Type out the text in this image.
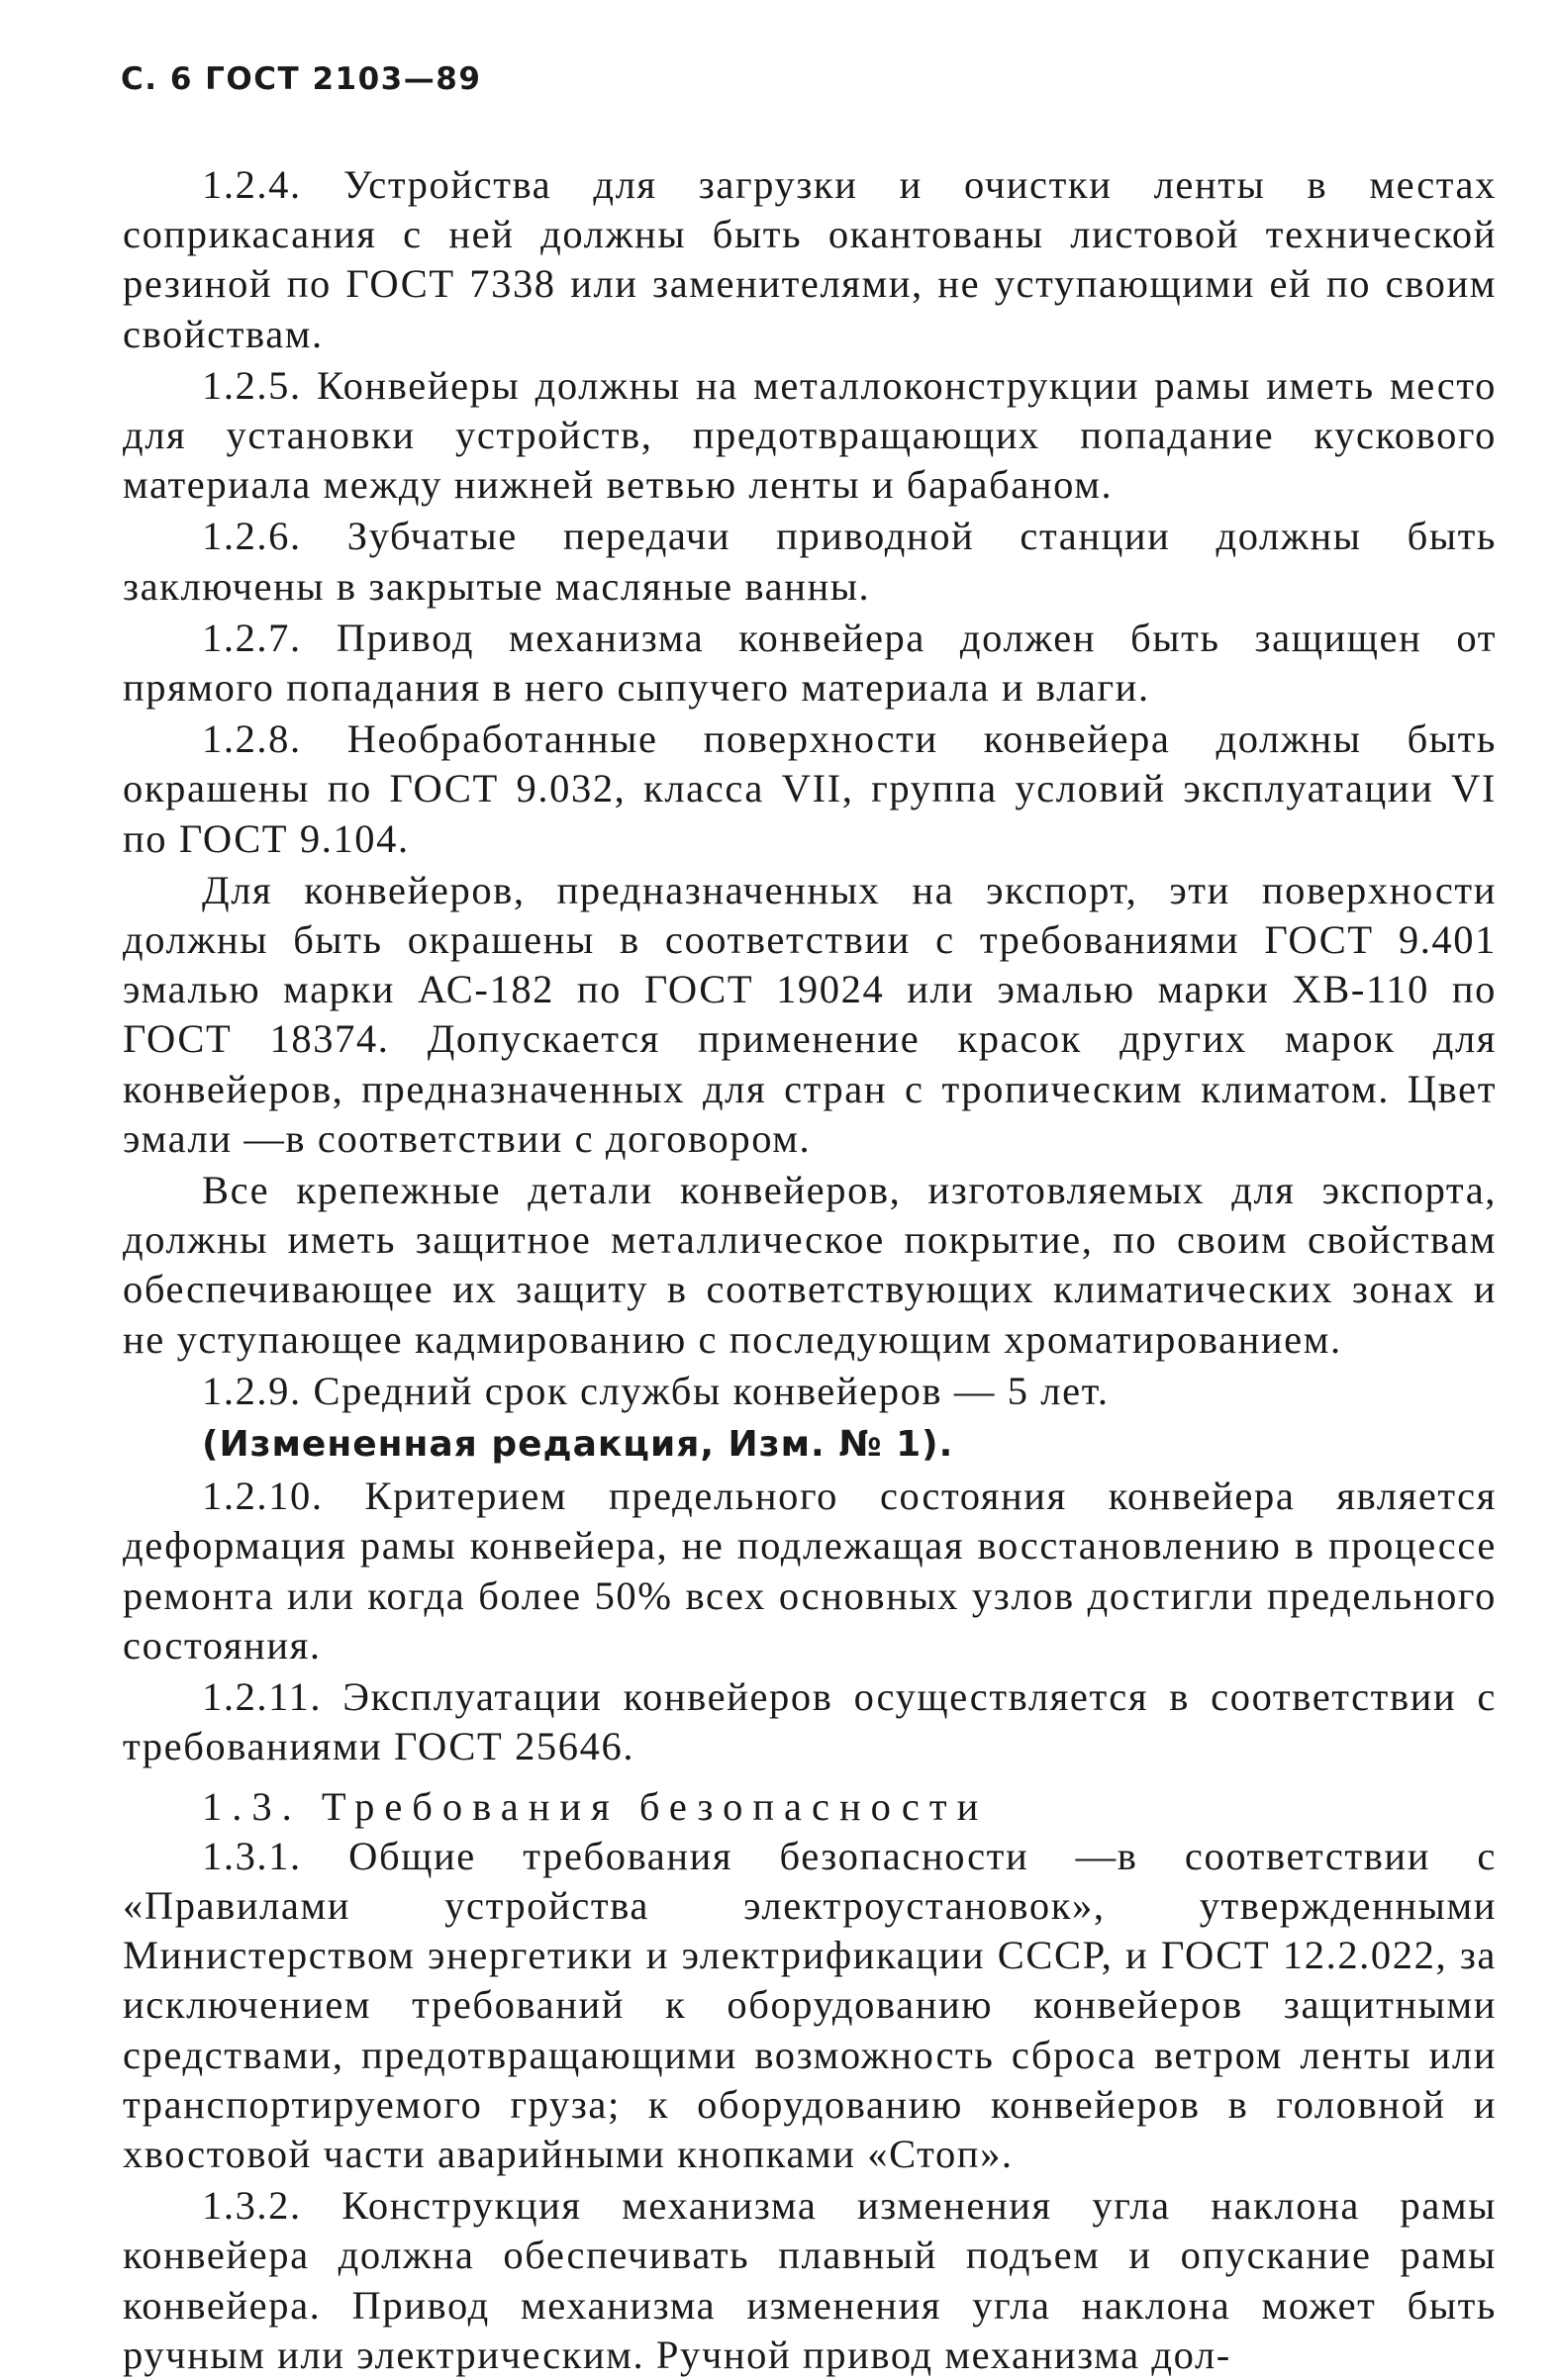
С. 6 ГОСТ 2103—89

1.2.4. Устройства для загрузки и очистки ленты в местах соприкасания с ней должны быть окантованы листовой технической резиной по ГОСТ 7338 или заменителями, не уступающими ей по своим свойствам.

1.2.5. Конвейеры должны на металлоконструкции рамы иметь место для установки устройств, предотвращающих попадание кускового материала между нижней ветвью ленты и барабаном.

1.2.6. Зубчатые передачи приводной станции должны быть заключены в закрытые масляные ванны.

1.2.7. Привод механизма конвейера должен быть защищен от прямого попадания в него сыпучего материала и влаги.

1.2.8. Необработанные поверхности конвейера должны быть окрашены по ГОСТ 9.032, класса VII, группа условий эксплуатации VI по ГОСТ 9.104.

Для конвейеров, предназначенных на экспорт, эти поверхности должны быть окрашены в соответствии с требованиями ГОСТ 9.401 эмалью марки АС-182 по ГОСТ 19024 или эмалью марки ХВ-110 по ГОСТ 18374. Допускается применение красок других марок для конвейеров, предназначенных для стран с тропическим климатом. Цвет эмали —в соответствии с договором.

Все крепежные детали конвейеров, изготовляемых для экспорта, должны иметь защитное металлическое покрытие, по своим свойствам обеспечивающее их защиту в соответствующих климатических зонах и не уступающее кадмированию с последующим хроматированием.

1.2.9. Средний срок службы конвейеров — 5 лет.

(Измененная редакция, Изм. № 1).

1.2.10. Критерием предельного состояния конвейера является деформация рамы конвейера, не подлежащая восстановлению в процессе ремонта или когда более 50% всех основных узлов достигли предельного состояния.

1.2.11. Эксплуатации конвейеров осуществляется в соответствии с требованиями ГОСТ 25646.

1.3. Требования безопасности

1.3.1. Общие требования безопасности —в соответствии с «Правилами устройства электроустановок», утвержденными Министерством энергетики и электрификации СССР, и ГОСТ 12.2.022, за исключением требований к оборудованию конвейеров защитными средствами, предотвращающими возможность сброса ветром ленты или транспортируемого груза; к оборудованию конвейеров в головной и хвостовой части аварийными кнопками «Стоп».

1.3.2. Конструкция механизма изменения угла наклона рамы конвейера должна обеспечивать плавный подъем и опускание рамы конвейера. Привод механизма изменения угла наклона может быть ручным или электрическим. Ручной привод механизма дол-
